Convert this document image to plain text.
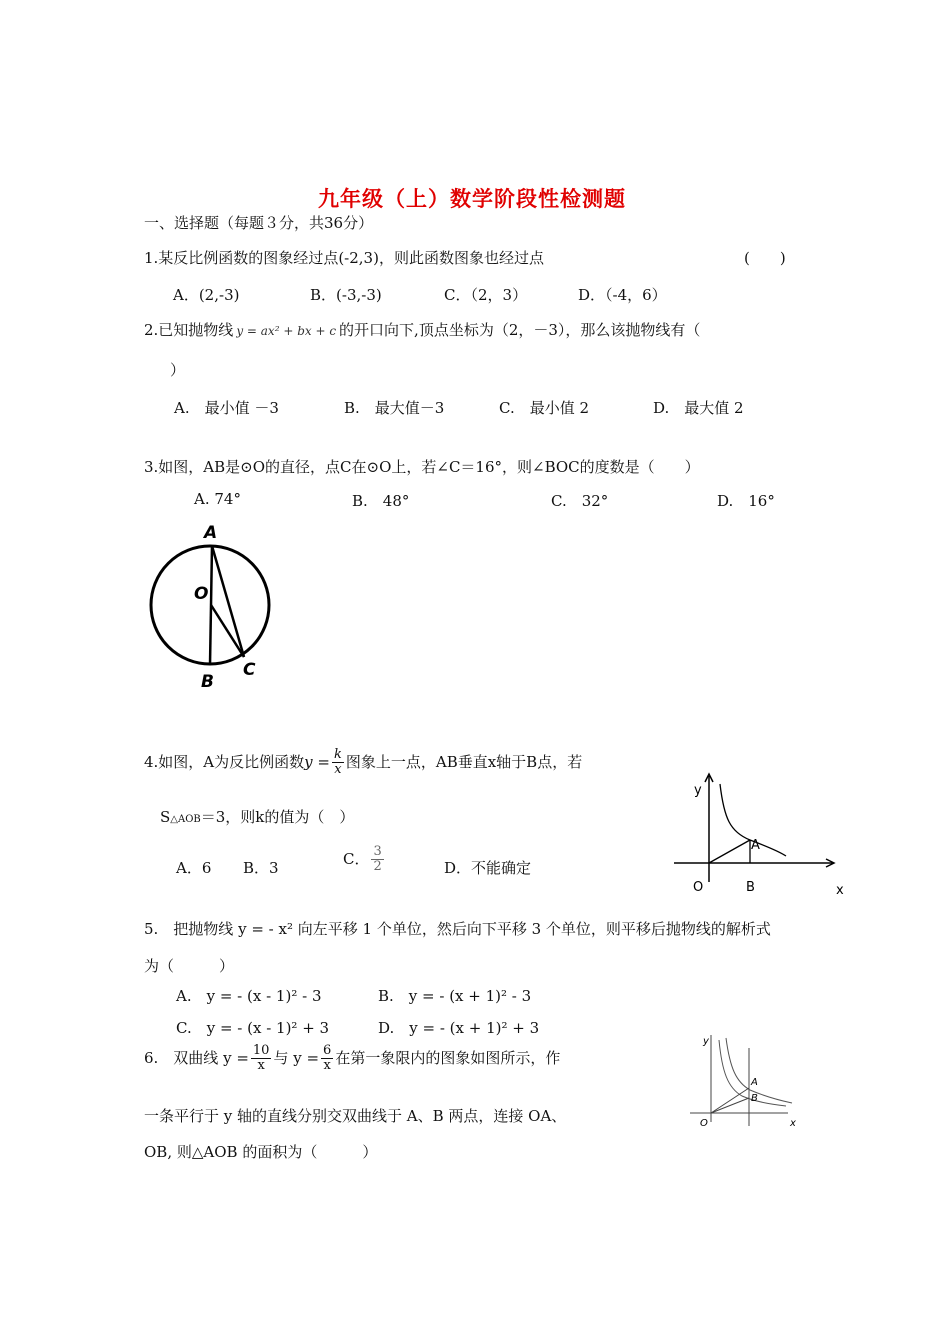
九年级（上）数学阶段性检测题
一、选择题（每题３分，共36分）
1.某反比例函数的图象经过点(-2,3)，则此函数图象也经过点	(　　)
A．(2,-3)	B．(-3,-3)	C．（2，3）	D．（-4，6）
2.已知抛物线 y = ax² + bx + c 的开口向下,顶点坐标为（2，－3），那么该抛物线有（
）
A.　最小值 －3	B.　最大值－3	C.　最小值 2	D.　最大值 2
3.如图，AB是⊙O的直径，点C在⊙O上，若∠C＝16°，则∠BOC的度数是（　　）
A. 74°	B.　48°	C.　32°	D.　16°
A
O
B
C
4.如图，A为反比例函数$y = \frac{k}{x}$ 图象上一点，AB垂直x轴于B点，若
S△AOB＝3，则k的值为（　）
A．6 B．3
C． $\frac{3}{2}$	D．不能确定
y
A
O	B	x
5.　把抛物线 y = - x² 向左平移 1 个单位，然后向下平移 3 个单位，则平移后抛物线的解析式
为（　　　）
A.　y = - (x - 1)² - 3	B.　y = - (x + 1)² - 3
C.　y = - (x - 1)² + 3	D.　y = - (x + 1)² + 3
6.　双曲线 $y = \frac{10}{x}$ 与 $y = \frac{6}{x}$ 在第一象限内的图象如图所示，作
一条平行于 y 轴的直线分别交双曲线于 A、B 两点，连接 OA、
OB, 则△AOB 的面积为（　　　）
y
A
B
O	x
